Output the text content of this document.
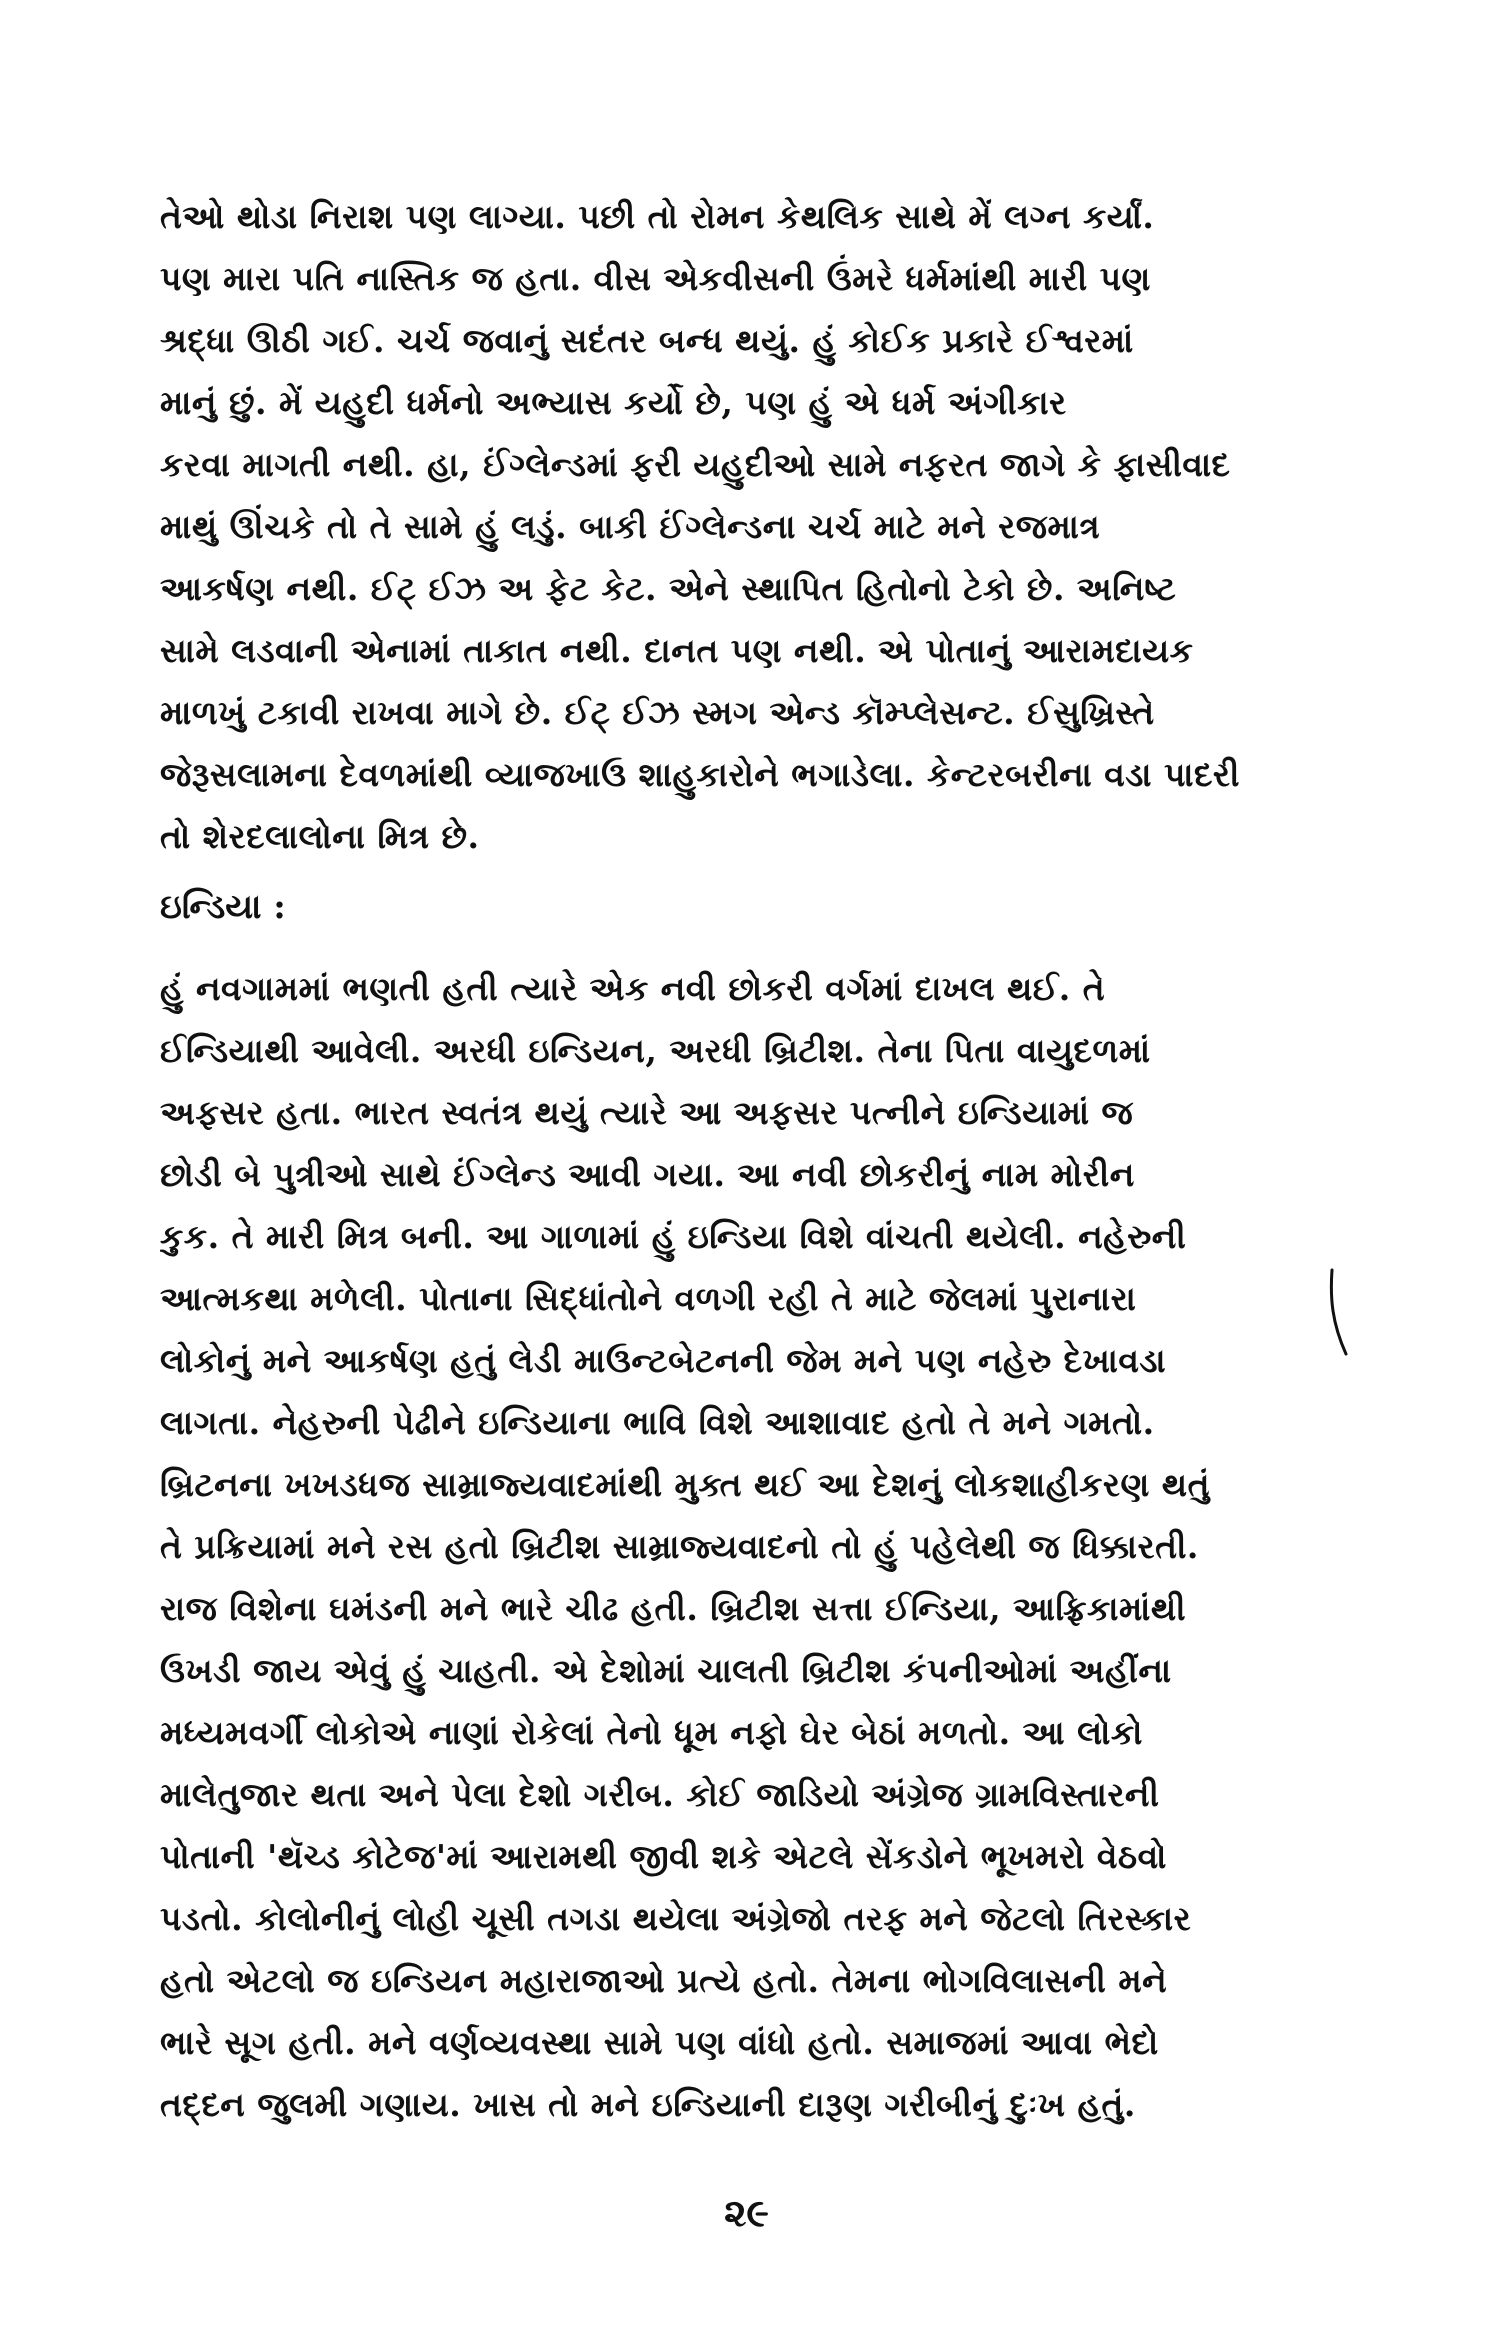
તેઓ થોડા નિરાશ પણ લાગ્યા. પછી તો રોમન કેથલિક સાથે મેં લગ્ન કર્યાં.
પણ મારા પતિ નાસ્તિક જ હતા. વીસ એકવીસની ઉંમરે ધર્મમાંથી મારી પણ
શ્રદ્ધા ઊઠી ગઈ. ચર્ચ જવાનું સદંતર બન્ધ થયું. હું કોઈક પ્રકારે ઈશ્વરમાં
માનું છું. મેં યહુદી ધર્મનો અભ્યાસ કર્યો છે, પણ હું એ ધર્મ અંગીકાર
કરવા માગતી નથી. હા, ઈંગ્લેન્ડમાં ફરી યહુદીઓ સામે નફરત જાગે કે ફાસીવાદ
માથું ઊંચકે તો તે સામે હું લડું. બાકી ઈંગ્લેન્ડના ચર્ચ માટે મને રજમાત્ર
આકર્ષણ નથી. ઈટ્ ઈઝ અ ફેટ કેટ. એને સ્થાપિત હિતોનો ટેકો છે. અનિષ્ટ
સામે લડવાની એનામાં તાકાત નથી. દાનત પણ નથી. એ પોતાનું આરામદાયક
માળખું ટકાવી રાખવા માગે છે. ઈટ્ ઈઝ સ્મગ એન્ડ કૉમ્પ્લેસન્ટ. ઈસુખ્રિસ્તે
જેરૂસલામના દેવળમાંથી વ્યાજખાઉ શાહુકારોને ભગાડેલા. કેન્ટરબરીના વડા પાદરી
તો શેરદલાલોના મિત્ર છે.
ઇન્ડિયા :
હું નવગામમાં ભણતી હતી ત્યારે એક નવી છોકરી વર્ગમાં દાખલ થઈ. તે
ઈન્ડિયાથી આવેલી. અરધી ઇન્ડિયન, અરધી બ્રિટીશ. તેના પિતા વાયુદળમાં
અફસર હતા. ભારત સ્વતંત્ર થયું ત્યારે આ અફસર પત્નીને ઇન્ડિયામાં જ
છોડી બે પુત્રીઓ સાથે ઈંગ્લેન્ડ આવી ગયા. આ નવી છોકરીનું નામ મોરીન
કુક. તે મારી મિત્ર બની. આ ગાળામાં હું ઇન્ડિયા વિશે વાંચતી થયેલી. નહેરુની
આત્મકથા મળેલી. પોતાના સિદ્ધાંતોને વળગી રહી તે માટે જેલમાં પુરાનારા
લોકોનું મને આકર્ષણ હતું લેડી માઉન્ટબેટનની જેમ મને પણ નહેરુ દેખાવડા
લાગતા. નેહરુની પેઢીને ઇન્ડિયાના ભાવિ વિશે આશાવાદ હતો તે મને ગમતો.
બ્રિટનના ખખડધજ સામ્રાજ્યવાદમાંથી મુક્ત થઈ આ દેશનું લોકશાહીકરણ થતું
તે પ્રક્રિયામાં મને રસ હતો બ્રિટીશ સામ્રાજ્યવાદનો તો હું પહેલેથી જ ધિક્કારતી.
રાજ વિશેના ઘમંડની મને ભારે ચીઢ હતી. બ્રિટીશ સત્તા ઈન્ડિયા, આફ્રિકામાંથી
ઉખડી જાય એવું હું ચાહતી. એ દેશોમાં ચાલતી બ્રિટીશ કંપનીઓમાં અહીંના
મધ્યમવર્ગી લોકોએ નાણાં રોકેલાં તેનો ધૂમ નફો ઘેર બેઠાં મળતો. આ લોકો
માલેતુજાર થતા અને પેલા દેશો ગરીબ. કોઈ જાડિયો અંગ્રેજ ગ્રામવિસ્તારની
પોતાની 'થૅચ્ડ કોટેજ'માં આરામથી જીવી શકે એટલે સેંકડોને ભૂખમરો વેઠવો
પડતો. કોલોનીનું લોહી ચૂસી તગડા થયેલા અંગ્રેજો તરફ મને જેટલો તિરસ્કાર
હતો એટલો જ ઇન્ડિયન મહારાજાઓ પ્રત્યે હતો. તેમના ભોગવિલાસની મને
ભારે સૂગ હતી. મને વર્ણવ્યવસ્થા સામે પણ વાંધો હતો. સમાજમાં આવા ભેદો
તદ્દન જુલમી ગણાય. ખાસ તો મને ઇન્ડિયાની દારૂણ ગરીબીનું દુઃખ હતું.
૨૯
